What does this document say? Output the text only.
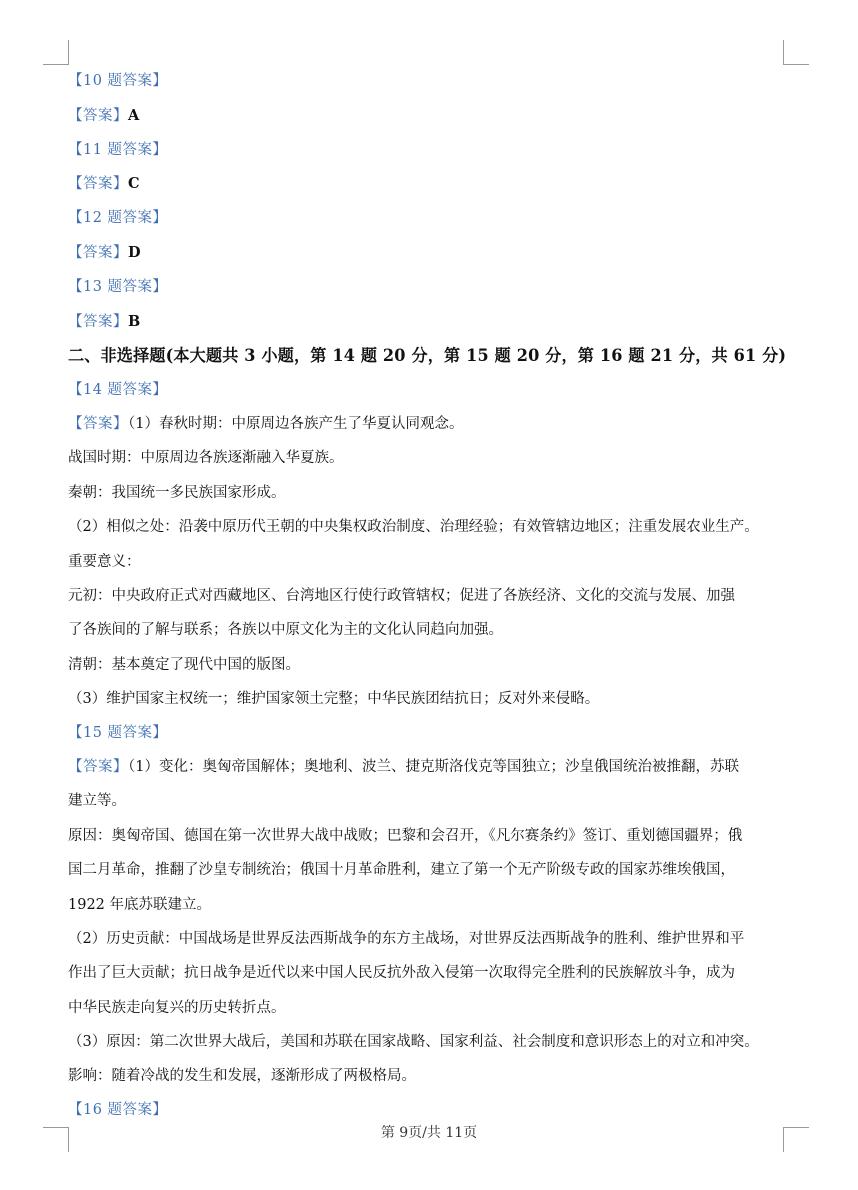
【10 题答案】
【答案】A
【11 题答案】
【答案】C
【12 题答案】
【答案】D
【13 题答案】
【答案】B
二、非选择题(本大题共 3 小题，第 14 题 20 分，第 15 题 20 分，第 16 题 21 分，共 61 分)
【14 题答案】
【答案】（1）春秋时期：中原周边各族产生了华夏认同观念。
战国时期：中原周边各族逐渐融入华夏族。
秦朝：我国统一多民族国家形成。
（2）相似之处：沿袭中原历代王朝的中央集权政治制度、治理经验；有效管辖边地区；注重发展农业生产。
重要意义：
元初：中央政府正式对西藏地区、台湾地区行使行政管辖权；促进了各族经济、文化的交流与发展、加强
了各族间的了解与联系；各族以中原文化为主的文化认同趋向加强。
清朝：基本奠定了现代中国的版图。
（3）维护国家主权统一；维护国家领土完整；中华民族团结抗日；反对外来侵略。
【15 题答案】
【答案】（1）变化：奥匈帝国解体；奥地利、波兰、捷克斯洛伐克等国独立；沙皇俄国统治被推翻，苏联
建立等。
原因：奥匈帝国、德国在第一次世界大战中战败；巴黎和会召开，《凡尔赛条约》签订、重划德国疆界；俄
国二月革命，推翻了沙皇专制统治；俄国十月革命胜利，建立了第一个无产阶级专政的国家苏维埃俄国，
1922 年底苏联建立。
（2）历史贡献：中国战场是世界反法西斯战争的东方主战场，对世界反法西斯战争的胜利、维护世界和平
作出了巨大贡献；抗日战争是近代以来中国人民反抗外敌入侵第一次取得完全胜利的民族解放斗争，成为
中华民族走向复兴的历史转折点。
（3）原因：第二次世界大战后，美国和苏联在国家战略、国家利益、社会制度和意识形态上的对立和冲突。
影响：随着冷战的发生和发展，逐渐形成了两极格局。
【16 题答案】
第 9页/共 11页
